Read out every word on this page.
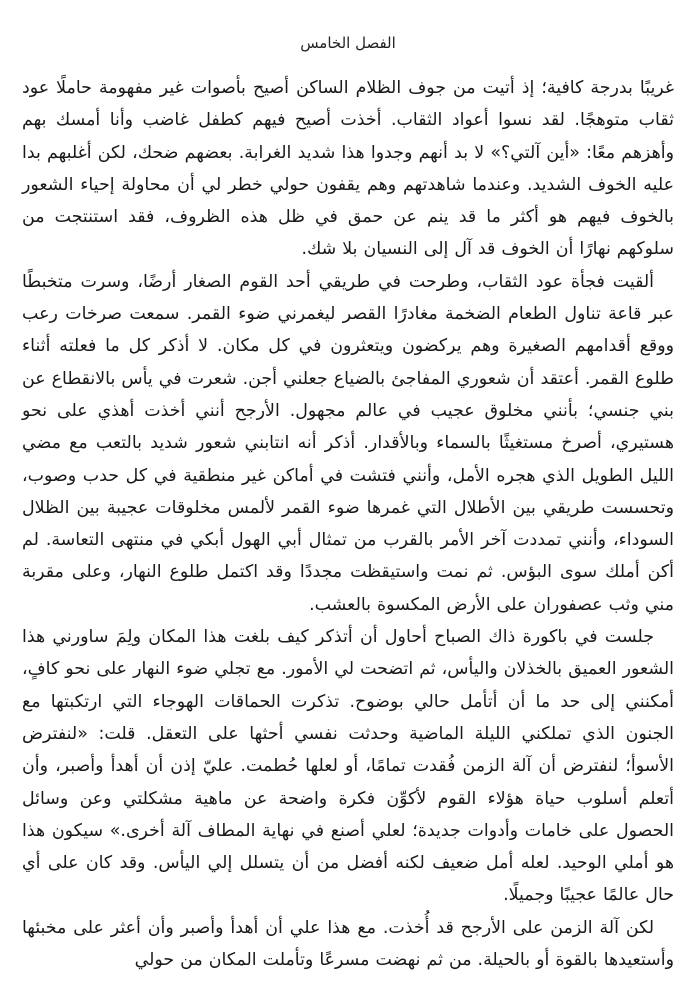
الفصل الخامس

غريبًا بدرجة كافية؛ إذ أتيت من جوف الظلام الساكن أصيح بأصوات غير مفهومة حاملًا عود ثقاب متوهجًا. لقد نسوا أعواد الثقاب. أخذت أصيح فيهم كطفل غاضب وأنا أمسك بهم وأهزهم معًا: «أين آلتي؟» لا بد أنهم وجدوا هذا شديد الغرابة. بعضهم ضحك، لكن أغلبهم بدا عليه الخوف الشديد. وعندما شاهدتهم وهم يقفون حولي خطر لي أن محاولة إحياء الشعور بالخوف فيهم هو أكثر ما قد ينم عن حمق في ظل هذه الظروف، فقد استنتجت من سلوكهم نهارًا أن الخوف قد آل إلى النسيان بلا شك.

ألقيت فجأة عود الثقاب، وطرحت في طريقي أحد القوم الصغار أرضًا، وسرت متخبطًا عبر قاعة تناول الطعام الضخمة مغادرًا القصر ليغمرني ضوء القمر. سمعت صرخات رعب ووقع أقدامهم الصغيرة وهم يركضون ويتعثرون في كل مكان. لا أذكر كل ما فعلته أثناء طلوع القمر. أعتقد أن شعوري المفاجئ بالضياع جعلني أجن. شعرت في يأس بالانقطاع عن بني جنسي؛ بأنني مخلوق عجيب في عالم مجهول. الأرجح أنني أخذت أهذي على نحو هستيري، أصرخ مستغيثًا بالسماء وبالأقدار. أذكر أنه انتابني شعور شديد بالتعب مع مضي الليل الطويل الذي هجره الأمل، وأنني فتشت في أماكن غير منطقية في كل حدب وصوب، وتحسست طريقي بين الأطلال التي غمرها ضوء القمر لألمس مخلوقات عجيبة بين الظلال السوداء، وأنني تمددت آخر الأمر بالقرب من تمثال أبي الهول أبكي في منتهى التعاسة. لم أكن أملك سوى البؤس. ثم نمت واستيقظت مجددًا وقد اكتمل طلوع النهار، وعلى مقربة مني وثب عصفوران على الأرض المكسوة بالعشب.

جلست في باكورة ذاك الصباح أحاول أن أتذكر كيف بلغت هذا المكان ولِمَ ساورني هذا الشعور العميق بالخذلان واليأس، ثم اتضحت لي الأمور. مع تجلي ضوء النهار على نحو كافٍ، أمكنني إلى حد ما أن أتأمل حالي بوضوح. تذكرت الحماقات الهوجاء التي ارتكبتها مع الجنون الذي تملكني الليلة الماضية وحدثت نفسي أحثها على التعقل. قلت: «لنفترض الأسوأ؛ لنفترض أن آلة الزمن فُقدت تمامًا، أو لعلها حُطمت. عليّ إذن أن أهدأ وأصبر، وأن أتعلم أسلوب حياة هؤلاء القوم لأكوِّن فكرة واضحة عن ماهية مشكلتي وعن وسائل الحصول على خامات وأدوات جديدة؛ لعلي أصنع في نهاية المطاف آلة أخرى.» سيكون هذا هو أملي الوحيد. لعله أمل ضعيف لكنه أفضل من أن يتسلل إلي اليأس. وقد كان على أي حال عالمًا عجيبًا وجميلًا.

لكن آلة الزمن على الأرجح قد أُخذت. مع هذا علي أن أهدأ وأصبر وأن أعثر على مخبئها وأستعيدها بالقوة أو بالحيلة. من ثم نهضت مسرعًا وتأملت المكان من حولي
